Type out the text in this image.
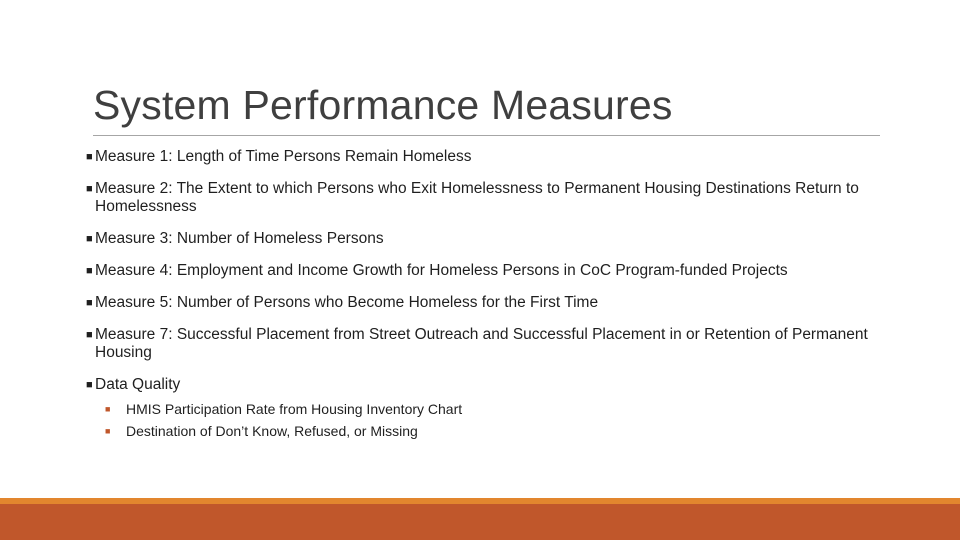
System Performance Measures
■ Measure 1: Length of Time Persons Remain Homeless
■ Measure 2: The Extent to which Persons who Exit Homelessness to Permanent Housing Destinations Return to Homelessness
■ Measure 3: Number of Homeless Persons
■ Measure 4: Employment and Income Growth for Homeless Persons in CoC Program-funded Projects
■ Measure 5: Number of Persons who Become Homeless for the First Time
■ Measure 7: Successful Placement from Street Outreach and Successful Placement in or Retention of Permanent Housing
■ Data Quality
■ HMIS Participation Rate from Housing Inventory Chart
■ Destination of Don’t Know, Refused, or Missing
